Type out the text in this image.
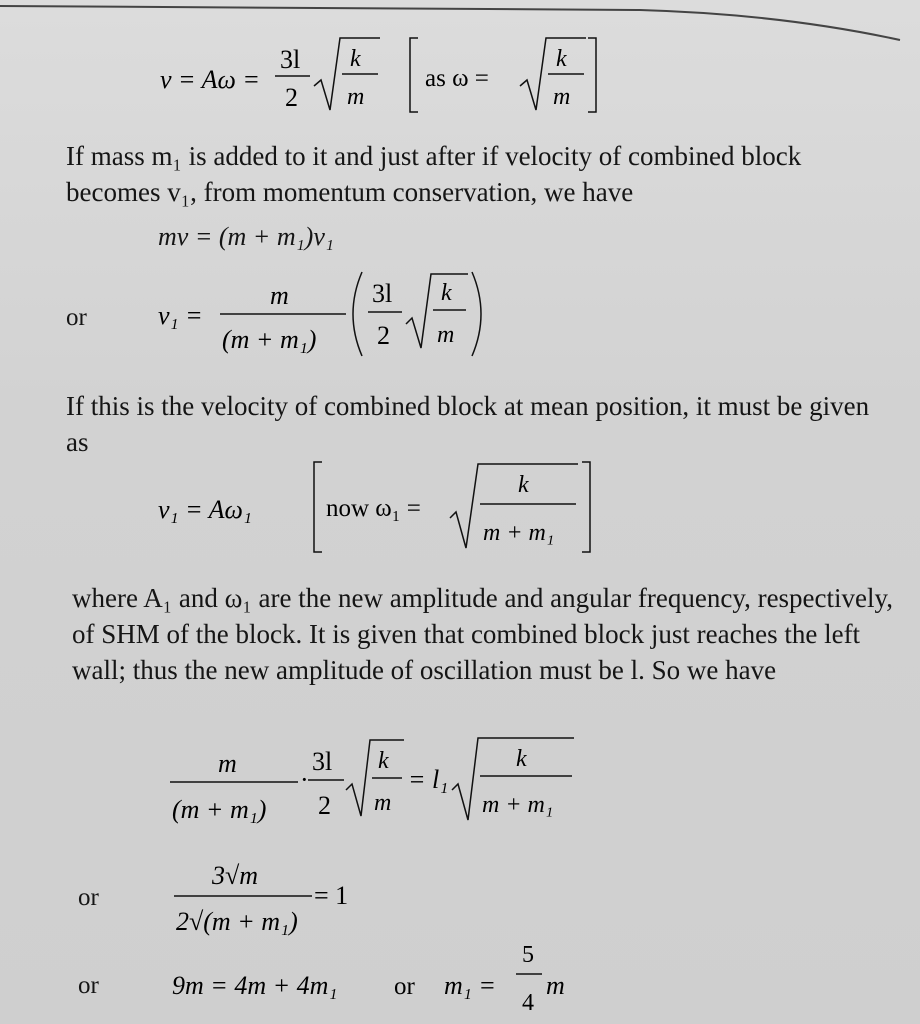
v = Aω =
3l
2
k
m
as ω =
k
m
If mass m₁ is added to it and just after if velocity of combined block becomes v₁, from momentum conservation, we have
mv = (m + m₁)v₁
or	v₁ =
m
(m + m₁)
3l
2
k
m
If this is the velocity of combined block at mean position, it must be given as
v₁ = Aω₁	now ω₁ =
k
m + m₁
where A₁ and ω₁ are the new amplitude and angular frequency, respectively, of SHM of the block. It is given that combined block just reaches the left wall; thus the new amplitude of oscillation must be l. So we have
m
(m + m₁)
·
3l
2
k
m
= l₁
k
m + m₁
or
3√m
2√(m + m₁)
= 1
or	9m = 4m + 4m₁ or m₁ =
5
4
m
